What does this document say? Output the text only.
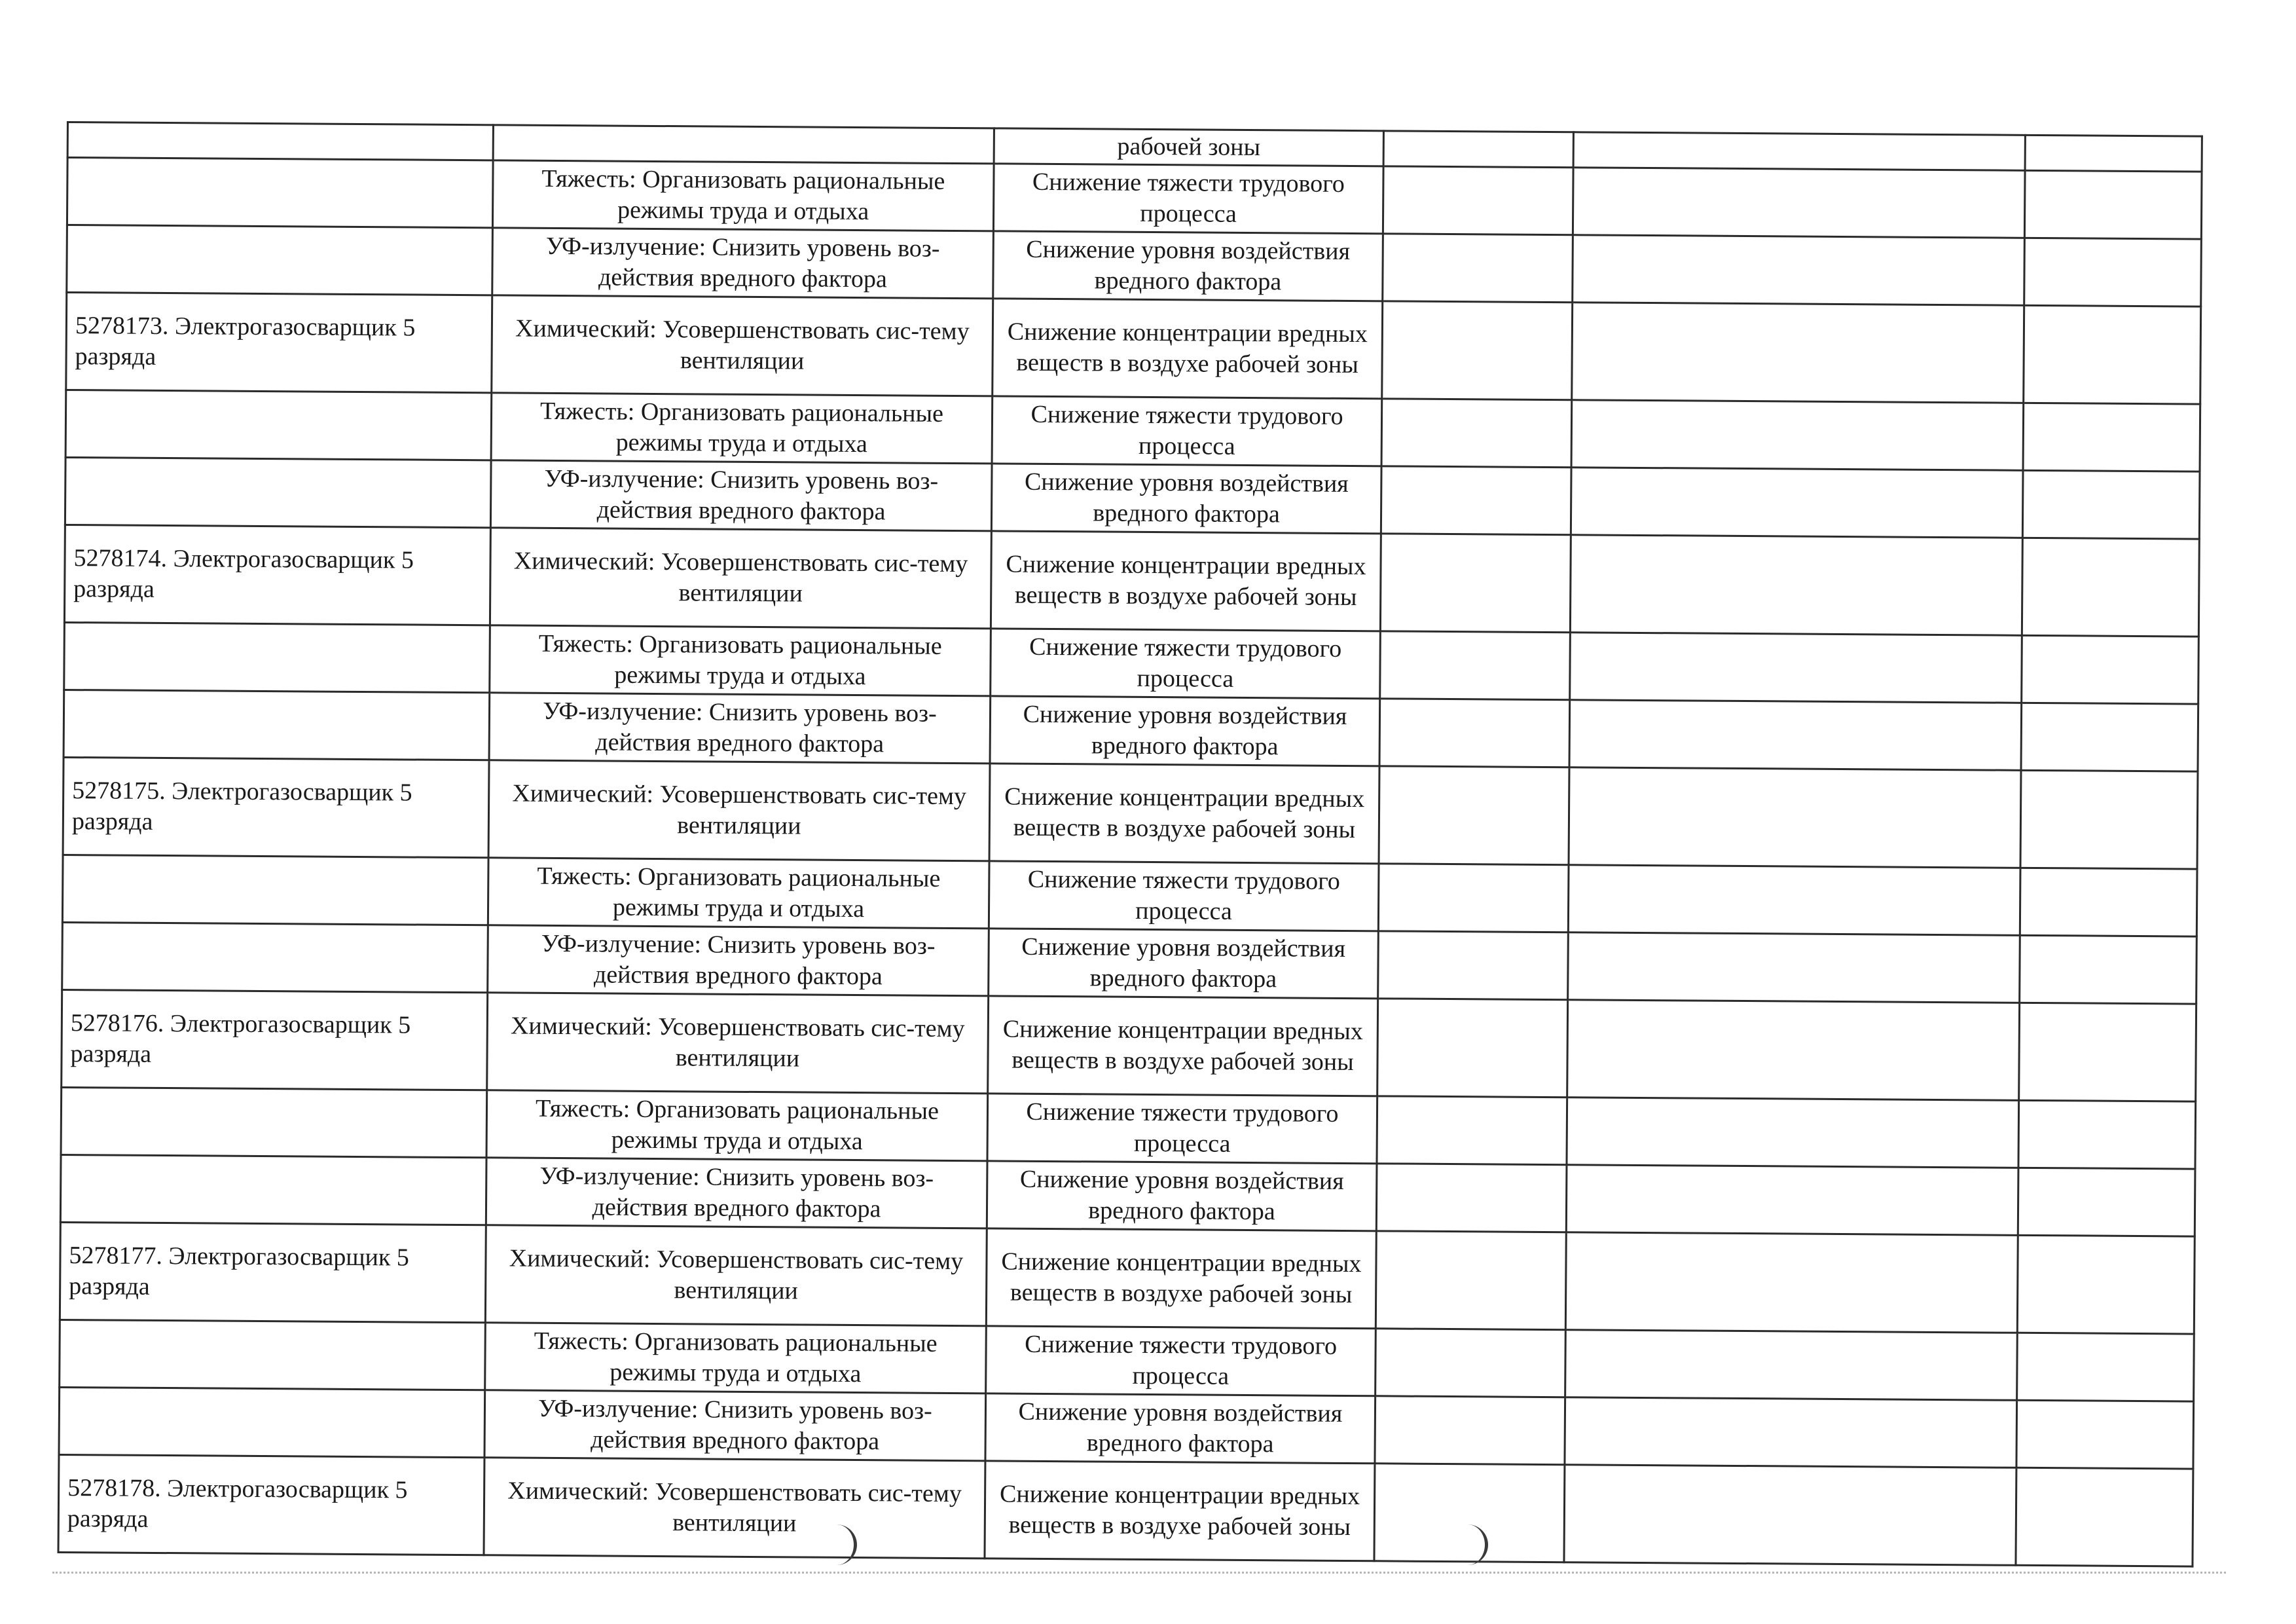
		рабочей зоны			
	Тяжесть: Организовать рациональные режимы труда и отдыха	Снижение тяжести трудового процесса			
	УФ-излучение: Снизить уровень воз-действия вредного фактора	Снижение уровня воздействия вредного фактора			
5278173. Электрогазосварщик 5 разряда	Химический: Усовершенствовать сис-тему вентиляции	Снижение концентрации вредных веществ в воздухе рабочей зоны			
	Тяжесть: Организовать рациональные режимы труда и отдыха	Снижение тяжести трудового процесса			
	УФ-излучение: Снизить уровень воз-действия вредного фактора	Снижение уровня воздействия вредного фактора			
5278174. Электрогазосварщик 5 разряда	Химический: Усовершенствовать сис-тему вентиляции	Снижение концентрации вредных веществ в воздухе рабочей зоны			
	Тяжесть: Организовать рациональные режимы труда и отдыха	Снижение тяжести трудового процесса			
	УФ-излучение: Снизить уровень воз-действия вредного фактора	Снижение уровня воздействия вредного фактора			
5278175. Электрогазосварщик 5 разряда	Химический: Усовершенствовать сис-тему вентиляции	Снижение концентрации вредных веществ в воздухе рабочей зоны			
	Тяжесть: Организовать рациональные режимы труда и отдыха	Снижение тяжести трудового процесса			
	УФ-излучение: Снизить уровень воз-действия вредного фактора	Снижение уровня воздействия вредного фактора			
5278176. Электрогазосварщик 5 разряда	Химический: Усовершенствовать сис-тему вентиляции	Снижение концентрации вредных веществ в воздухе рабочей зоны			
	Тяжесть: Организовать рациональные режимы труда и отдыха	Снижение тяжести трудового процесса			
	УФ-излучение: Снизить уровень воз-действия вредного фактора	Снижение уровня воздействия вредного фактора			
5278177. Электрогазосварщик 5 разряда	Химический: Усовершенствовать сис-тему вентиляции	Снижение концентрации вредных веществ в воздухе рабочей зоны			
	Тяжесть: Организовать рациональные режимы труда и отдыха	Снижение тяжести трудового процесса			
	УФ-излучение: Снизить уровень воз-действия вредного фактора	Снижение уровня воздействия вредного фактора			
5278178. Электрогазосварщик 5 разряда	Химический: Усовершенствовать сис-тему вентиляции	Снижение концентрации вредных веществ в воздухе рабочей зоны			
